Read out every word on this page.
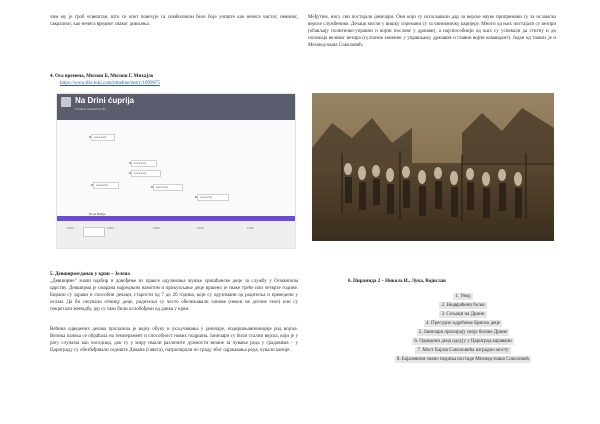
чим му је гроб освештан, што се опет повезује са симболиком беле боје уопште као нечега чистог, невиног, сакралног, као нечега вредног сваког дивљења.

4. Оса времена, Милош Б, Милош Г, Михајло

https://www.tiki-toki.com/timeline/entry/1099675

Na Drini ćuprija
Timeline created by Mi...
event entry
event entry
event entry
event entry
event entry
event entry
Drina Bridge
1500	1550	1600	1650	1700

5. Девширмe/данак у крви – Јелена

„Девширме" значи одабир и довођење из праксе одузимања мушке хришћанске деце за службу у Османском царству. Девширма је смарана најредњим намотом и прикупљање деце вршено је сваке треће или четврте године. Бирани су здрави и способни дечаци, старости од 7 до 20 година, који су одузимани од родитеља и преведени у ислам. Да би сачували отмицу деце, родитељи су често обележавали синове (некои не догоне телe) или су покретали женидбу, јер су тако били ослобођени од данка у крви.

Већина одведених дечака пролазила је војну обуку и укључивања у јаничаре, подвршњавиониције род војске. Велика пажња се обраћала на темперамент и способност нових подршна. Јаничари су били стални војска, који је у рату служила као поседица, док су у миру имали различите дужности везане за чување реда у градовима – у Цариграду су обезбеђивали седиште Дивана (савета), патролирали по граду због одржавања реда, чували капије.

Међутим, нису сви постајали јаничари. Они који су испољавали дар за верске науке припремани су за исламско верске службенике. Дечаци могли у вишку спремани су за чиновничку каријеру. Многи од њих постајали су везири (обављају политичко-управни и војни послове у држави), а најспособнији од њих су успевали да стигну и до положаја великог везира (султанов заменик у управљању државом и главни војни командант). Један од таквих је и Мехмед-паша Соколовић.

6. Пирамида 2 – Никола И., Лука, Војислав

1. Увод
2. Недвраћени бољи
3. Сељаци на Дрини
4. Пресудно одрећење Бриско деце
5. Јаничари прохирају своје бегове Дрине
6. Одведени деца одлују у Цариград каравани
7. Мост Бајаза Соколовића изградио мосту
8. Бајазевиом знано подиња постаде Мехмед-паша Соколовић
